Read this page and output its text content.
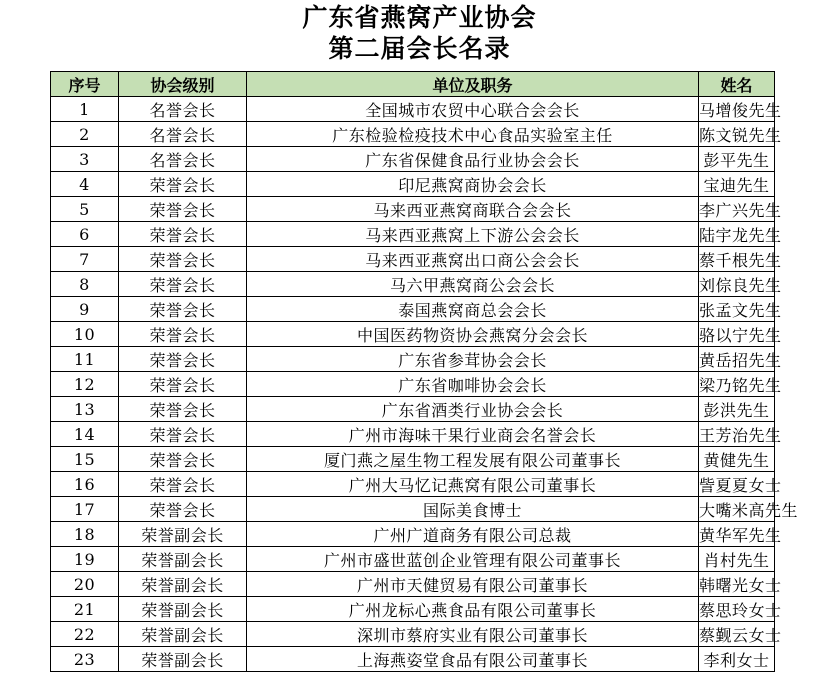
广东省燕窝产业协会
第二届会长名录
序号	协会级别	单位及职务	姓名
1	名誉会长	全国城市农贸中心联合会会长	马增俊先生
2	名誉会长	广东检验检疫技术中心食品实验室主任	陈文锐先生
3	名誉会长	广东省保健食品行业协会会长	彭平先生
4	荣誉会长	印尼燕窝商协会会长	宝迪先生
5	荣誉会长	马来西亚燕窝商联合会会长	李广兴先生
6	荣誉会长	马来西亚燕窝上下游公会会长	陆宇龙先生
7	荣誉会长	马来西亚燕窝出口商公会会长	蔡千根先生
8	荣誉会长	马六甲燕窝商公会会长	刘倧良先生
9	荣誉会长	泰国燕窝商总会会长	张孟文先生
10	荣誉会长	中国医药物资协会燕窝分会会长	骆以宁先生
11	荣誉会长	广东省参茸协会会长	黄岳招先生
12	荣誉会长	广东省咖啡协会会长	梁乃铭先生
13	荣誉会长	广东省酒类行业协会会长	彭洪先生
14	荣誉会长	广州市海味干果行业商会名誉会长	王芳治先生
15	荣誉会长	厦门燕之屋生物工程发展有限公司董事长	黄健先生
16	荣誉会长	广州大马忆记燕窝有限公司董事长	訾夏夏女士
17	荣誉会长	国际美食博士	大嘴米高先生
18	荣誉副会长	广州广道商务有限公司总裁	黄华军先生
19	荣誉副会长	广州市盛世蓝创企业管理有限公司董事长	肖村先生
20	荣誉副会长	广州市天健贸易有限公司董事长	韩曙光女士
21	荣誉副会长	广州龙标心燕食品有限公司董事长	蔡思玲女士
22	荣誉副会长	深圳市蔡府实业有限公司董事长	蔡觐云女士
23	荣誉副会长	上海燕姿堂食品有限公司董事长	李利女士
